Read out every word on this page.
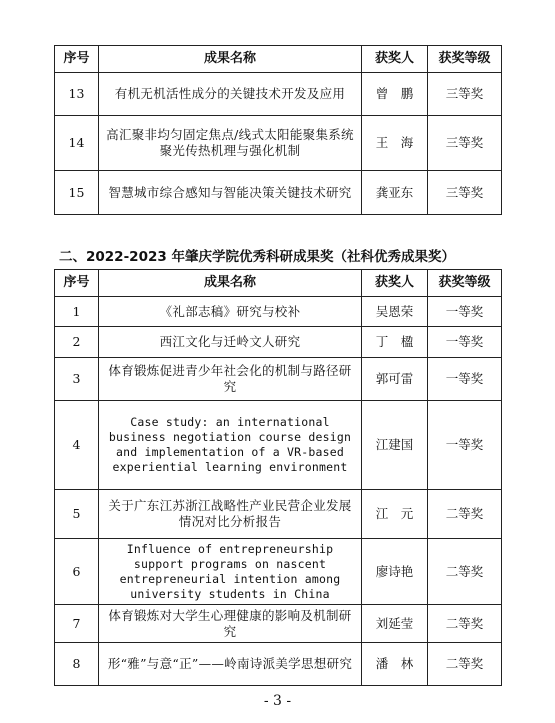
序号	成果名称	获奖人	获奖等级
13	有机无机活性成分的关键技术开发及应用	曾　鹏	三等奖
14	高汇聚非均匀固定焦点/线式太阳能聚集系统聚光传热机理与强化机制	王　海	三等奖
15	智慧城市综合感知与智能决策关键技术研究	龚亚东	三等奖
二、2022-2023 年肇庆学院优秀科研成果奖（社科优秀成果奖）
序号	成果名称	获奖人	获奖等级
1	《礼部志稿》研究与校补	吴恩荣	一等奖
2	西江文化与迁岭文人研究	丁　楹	一等奖
3	体育锻炼促进青少年社会化的机制与路径研究	郭可雷	一等奖
4	Case study: an international business negotiation course design and implementation of a VR-based experiential learning environment	江建国	一等奖
5	关于广东江苏浙江战略性产业民营企业发展情况对比分析报告	江　元	二等奖
6	Influence of entrepreneurship support programs on nascent entrepreneurial intention among university students in China	廖诗艳	二等奖
7	体育锻炼对大学生心理健康的影响及机制研究	刘延莹	二等奖
8	形“雅”与意“正”——岭南诗派美学思想研究	潘　林	二等奖
- 3 -
